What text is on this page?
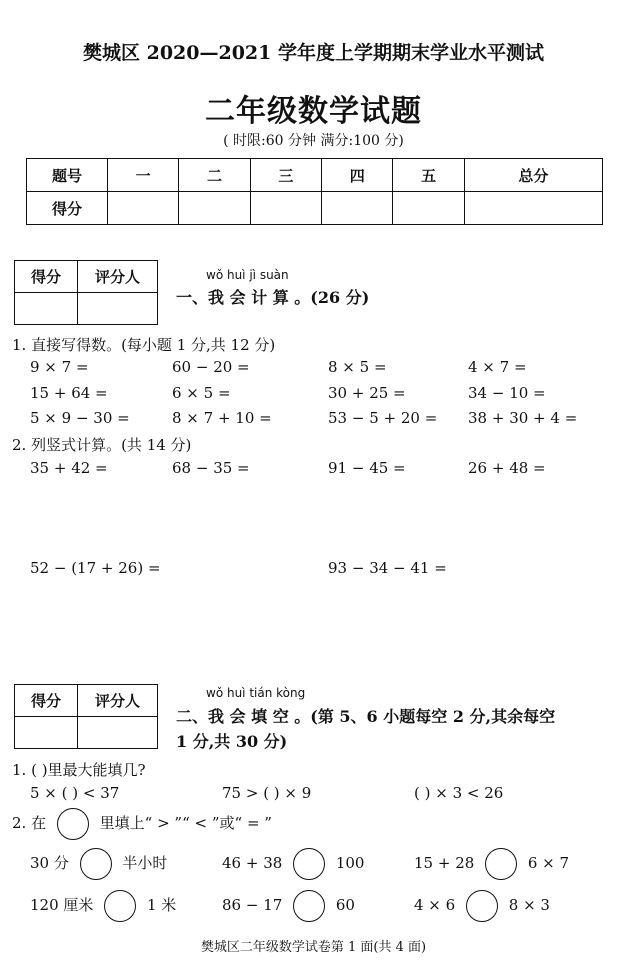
樊城区 2020—2021 学年度上学期期末学业水平测试
二年级数学试题
( 时限:60 分钟 满分:100 分)
题号	一	二	三	四	五	总分
得分						
得分	评分人
		wǒ huì jì suàn
一、我 会 计 算 。(26 分)
1. 直接写得数。(每小题 1 分,共 12 分)
9 × 7 =	60 − 20 =	8 × 5 =	4 × 7 =
15 + 64 =	6 × 5 =	30 + 25 =	34 − 10 =
5 × 9 − 30 =	8 × 7 + 10 =	53 − 5 + 20 = 38 + 30 + 4 =
2. 列竖式计算。(共 14 分)
35 + 42 =	68 − 35 =	91 − 45 =	26 + 48 =
52 − (17 + 26) =	93 − 34 − 41 =
得分	评分人
		wǒ huì tián kòng
二、我 会 填 空 。(第 5、6 小题每空 2 分,其余每空
1 分,共 30 分)
1. ( )里最大能填几?
5 × ( ) < 37	75 > ( ) × 9	( ) × 3 < 26
2. 在	里填上“ > ”“ < ”或“ = ”
30 分	半小时	46 + 38	100	15 + 28	6 × 7
120 厘米	1 米	86 − 17	60	4 × 6	8 × 3
樊城区二年级数学试卷第 1 面(共 4 面)
